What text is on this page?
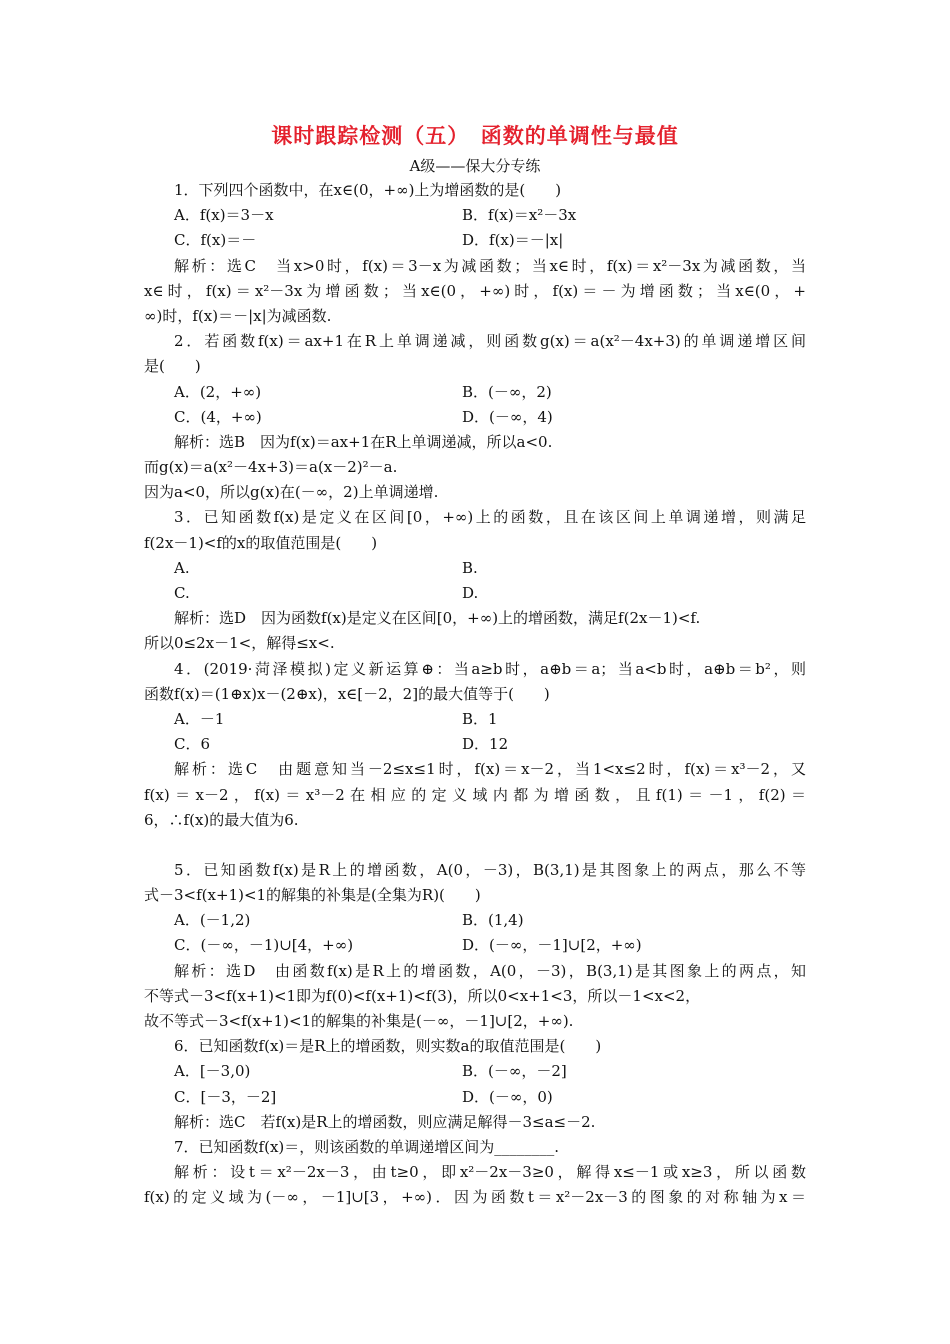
课时跟踪检测（五）　函数的单调性与最值
A级——保大分专练
1．下列四个函数中，在x∈(0，+∞)上为增函数的是(　　)
A．f(x)＝3－x	B．f(x)＝x²－3x
C．f(x)＝－	D．f(x)＝－|x|
解析：选C　当x>0时，f(x)＝3－x为减函数；当x∈时，f(x)＝x²－3x为减函数，当
x∈时，f(x)＝x²－3x为增函数；当x∈(0，+∞)时，f(x)＝－为增函数；当x∈(0，+
∞)时，f(x)＝－|x|为减函数.
2．若函数f(x)＝ax+1在R上单调递减，则函数g(x)＝a(x²－4x+3)的单调递增区间
是(　　)
A．(2，+∞)	B．(－∞，2)
C．(4，+∞)	D．(－∞，4)
解析：选B　因为f(x)＝ax+1在R上单调递减，所以a<0.
而g(x)＝a(x²－4x+3)＝a(x－2)²－a.
因为a<0，所以g(x)在(－∞，2)上单调递增.
3．已知函数f(x)是定义在区间[0，+∞)上的函数，且在该区间上单调递增，则满足
f(2x－1)<f的x的取值范围是(　　)
A.	B.
C.	D.
解析：选D　因为函数f(x)是定义在区间[0，+∞)上的增函数，满足f(2x－1)<f.
所以0≤2x－1<，解得≤x<.
4．(2019·菏泽模拟)定义新运算⊕：当a≥b时，a⊕b＝a；当a<b时，a⊕b＝b²，则
函数f(x)＝(1⊕x)x－(2⊕x)，x∈[－2，2]的最大值等于(　　)
A．－1	B．1
C．6	D．12
解析：选C　由题意知当－2≤x≤1时，f(x)＝x－2，当1<x≤2时，f(x)＝x³－2，又
f(x)＝x－2，f(x)＝x³－2在相应的定义域内都为增函数，且f(1)＝－1，f(2)＝
6，∴f(x)的最大值为6.
5．已知函数f(x)是R上的增函数，A(0，－3)，B(3,1)是其图象上的两点，那么不等
式－3<f(x+1)<1的解集的补集是(全集为R)(　　)
A．(－1,2)	B．(1,4)
C．(－∞，－1)∪[4，+∞)	D．(－∞，－1]∪[2，+∞)
解析：选D　由函数f(x)是R上的增函数，A(0，－3)，B(3,1)是其图象上的两点，知
不等式－3<f(x+1)<1即为f(0)<f(x+1)<f(3)，所以0<x+1<3，所以－1<x<2，
故不等式－3<f(x+1)<1的解集的补集是(－∞，－1]∪[2，+∞).
6．已知函数f(x)＝是R上的增函数，则实数a的取值范围是(　　)
A．[－3,0)	B．(－∞，－2]
C．[－3，－2]	D．(－∞，0)
解析：选C　若f(x)是R上的增函数，则应满足解得－3≤a≤－2.
7．已知函数f(x)＝，则该函数的单调递增区间为________.
解析：设t＝x²－2x－3，由t≥0，即x²－2x－3≥0，解得x≤－1或x≥3，所以函数
f(x)的定义域为(－∞，－1]∪[3，+∞)．因为函数t＝x²－2x－3的图象的对称轴为x＝
